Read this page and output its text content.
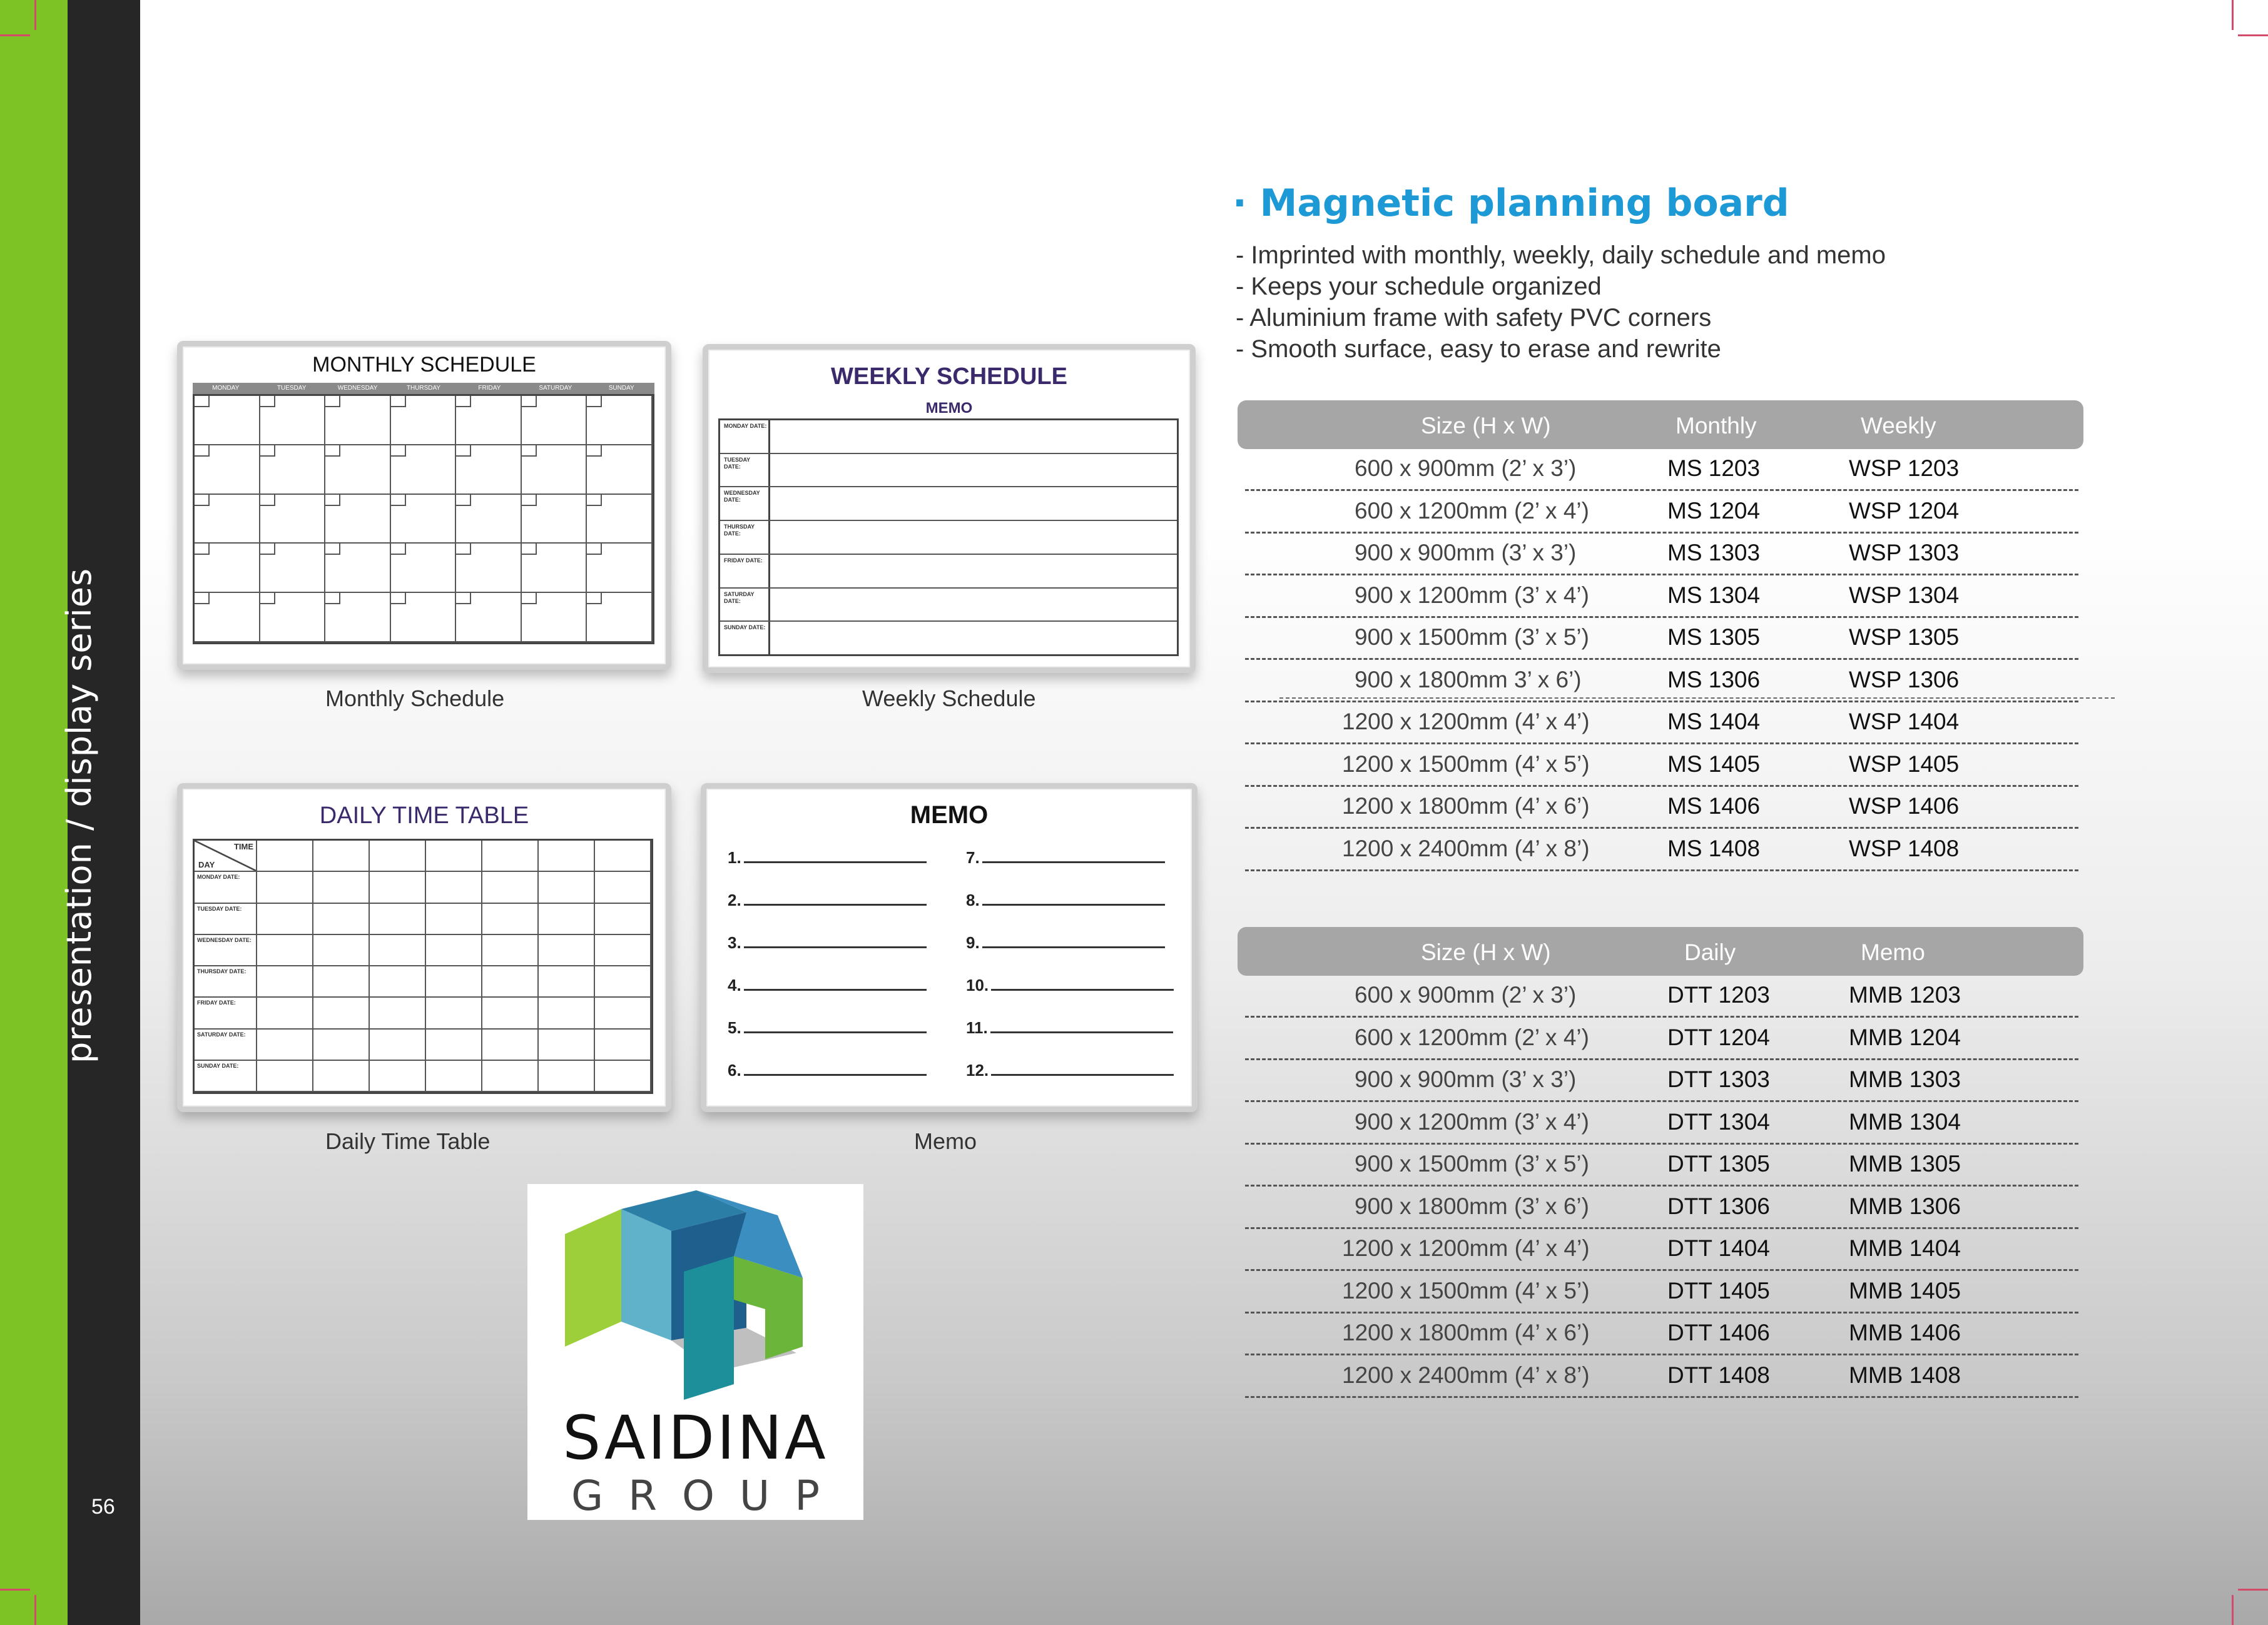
presentation / display series
56
MONTHLY SCHEDULE
MONDAY	TUESDAY	WEDNESDAY	THURSDAY	FRIDAY	SATURDAY	SUNDAY
Monthly Schedule
WEEKLY SCHEDULE
MEMO
MONDAY DATE:
TUESDAY DATE:
WEDNESDAY DATE:
THURSDAY DATE:
FRIDAY DATE:
SATURDAY DATE:
SUNDAY DATE:
Weekly Schedule
DAILY TIME TABLE
TIME
DAY
MONDAY DATE:
TUESDAY DATE:
WEDNESDAY DATE:
THURSDAY DATE:
FRIDAY DATE:
SATURDAY DATE:
SUNDAY DATE:
Daily Time Table
MEMO
1.	7.
2.	8.
3.	9.
4.	10.
5.	11.
6.	12.
Memo
SAIDINA
GROUP
· Magnetic planning board
- Imprinted with monthly, weekly, daily schedule and memo
- Keeps your schedule organized
- Aluminium frame with safety PVC corners
- Smooth surface, easy to erase and rewrite
Size (H x W)	Monthly	Weekly
600 x 900mm (2’ x 3’)	MS 1203	WSP 1203
600 x 1200mm (2’ x 4’)	MS 1204	WSP 1204
900 x 900mm (3’ x 3’)	MS 1303	WSP 1303
900 x 1200mm (3’ x 4’)	MS 1304	WSP 1304
900 x 1500mm (3’ x 5’)	MS 1305	WSP 1305
900 x 1800mm 3’ x 6’)	MS 1306	WSP 1306
1200 x 1200mm (4’ x 4’)	MS 1404	WSP 1404
1200 x 1500mm (4’ x 5’)	MS 1405	WSP 1405
1200 x 1800mm (4’ x 6’)	MS 1406	WSP 1406
1200 x 2400mm (4’ x 8’)	MS 1408	WSP 1408
Size (H x W)	Daily	Memo
600 x 900mm (2’ x 3’)	DTT 1203	MMB 1203
600 x 1200mm (2’ x 4’)	DTT 1204	MMB 1204
900 x 900mm (3’ x 3’)	DTT 1303	MMB 1303
900 x 1200mm (3’ x 4’)	DTT 1304	MMB 1304
900 x 1500mm (3’ x 5’)	DTT 1305	MMB 1305
900 x 1800mm (3’ x 6’)	DTT 1306	MMB 1306
1200 x 1200mm (4’ x 4’)	DTT 1404	MMB 1404
1200 x 1500mm (4’ x 5’)	DTT 1405	MMB 1405
1200 x 1800mm (4’ x 6’)	DTT 1406	MMB 1406
1200 x 2400mm (4’ x 8’)	DTT 1408	MMB 1408
